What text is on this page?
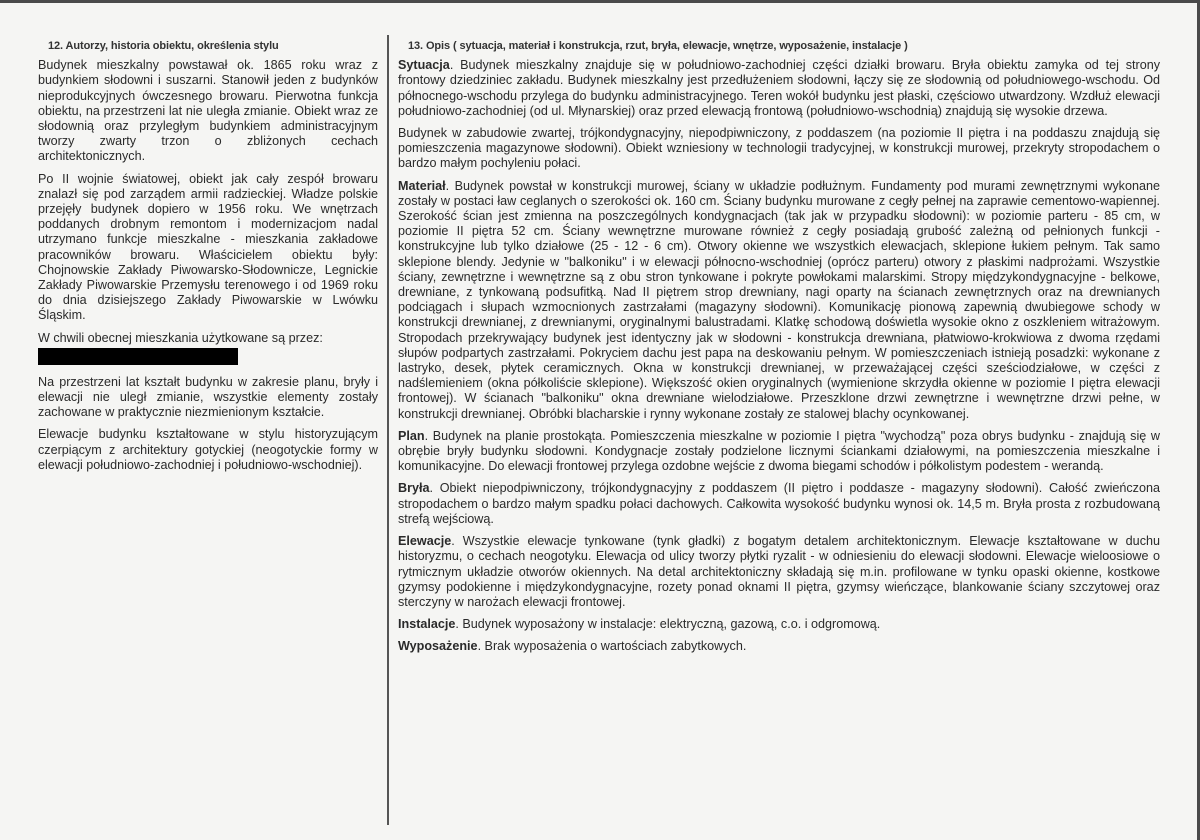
12. Autorzy, historia obiektu, określenia stylu

Budynek mieszkalny powstawał ok. 1865 roku wraz z budynkiem słodowni i suszarni. Stanowił jeden z budynków nieprodukcyjnych ówczesnego browaru. Pierwotna funkcja obiektu, na przestrzeni lat nie uległa zmianie. Obiekt wraz ze słodownią oraz przyległym budynkiem administracyjnym tworzy zwarty trzon o zbliżonych cechach architektonicznych.

Po II wojnie światowej, obiekt jak cały zespół browaru znalazł się pod zarządem armii radzieckiej. Władze polskie przejęły budynek dopiero w 1956 roku. We wnętrzach poddanych drobnym remontom i modernizacjom nadal utrzymano funkcje mieszkalne - mieszkania zakładowe pracowników browaru. Właścicielem obiektu były: Chojnowskie Zakłady Piwowarsko-Słodownicze, Legnickie Zakłady Piwowarskie Przemysłu terenowego i od 1969 roku do dnia dzisiejszego Zakłady Piwowarskie w Lwówku Śląskim.

W chwili obecnej mieszkania użytkowane są przez:

Na przestrzeni lat kształt budynku w zakresie planu, bryły i elewacji nie uległ zmianie, wszystkie elementy zostały zachowane w praktycznie niezmienionym kształcie.

Elewacje budynku kształtowane w stylu historyzującym czerpiącym z architektury gotyckiej (neogotyckie formy w elewacji południowo-zachodniej i południowo-wschodniej).

13. Opis ( sytuacja, materiał i konstrukcja, rzut, bryła, elewacje, wnętrze, wyposażenie, instalacje )

Sytuacja. Budynek mieszkalny znajduje się w południowo-zachodniej części działki browaru. Bryła obiektu zamyka od tej strony frontowy dziedziniec zakładu. Budynek mieszkalny jest przedłużeniem słodowni, łączy się ze słodownią od południowego-wschodu. Od północnego-wschodu przylega do budynku administracyjnego. Teren wokół budynku jest płaski, częściowo utwardzony. Wzdłuż elewacji południowo-zachodniej (od ul. Młynarskiej) oraz przed elewacją frontową (południowo-wschodnią) znajdują się wysokie drzewa.

Budynek w zabudowie zwartej, trójkondygnacyjny, niepodpiwniczony, z poddaszem (na poziomie II piętra i na poddaszu znajdują się pomieszczenia magazynowe słodowni). Obiekt wzniesiony w technologii tradycyjnej, w konstrukcji murowej, przekryty stropodachem o bardzo małym pochyleniu połaci.

Materiał. Budynek powstał w konstrukcji murowej, ściany w układzie podłużnym. Fundamenty pod murami zewnętrznymi wykonane zostały w postaci ław ceglanych o szerokości ok. 160 cm. Ściany budynku murowane z cegły pełnej na zaprawie cementowo-wapiennej. Szerokość ścian jest zmienna na poszczególnych kondygnacjach (tak jak w przypadku słodowni): w poziomie parteru - 85 cm, w poziomie II piętra 52 cm. Ściany wewnętrzne murowane również z cegły posiadają grubość zależną od pełnionych funkcji - konstrukcyjne lub tylko działowe (25 - 12 - 6 cm). Otwory okienne we wszystkich elewacjach, sklepione łukiem pełnym. Tak samo sklepione blendy. Jedynie w "balkoniku" i w elewacji północno-wschodniej (oprócz parteru) otwory z płaskimi nadprożami. Wszystkie ściany, zewnętrzne i wewnętrzne są z obu stron tynkowane i pokryte powłokami malarskimi. Stropy międzykondygnacyjne - belkowe, drewniane, z tynkowaną podsufitką. Nad II piętrem strop drewniany, nagi oparty na ścianach zewnętrznych oraz na drewnianych podciągach i słupach wzmocnionych zastrzałami (magazyny słodowni). Komunikację pionową zapewnią dwubiegowe schody w konstrukcji drewnianej, z drewnianymi, oryginalnymi balustradami. Klatkę schodową doświetla wysokie okno z oszkleniem witrażowym. Stropodach przekrywający budynek jest identyczny jak w słodowni - konstrukcja drewniana, płatwiowo-krokwiowa z dwoma rzędami słupów podpartych zastrzałami. Pokryciem dachu jest papa na deskowaniu pełnym. W pomieszczeniach istnieją posadzki: wykonane z lastryko, desek, płytek ceramicznych. Okna w konstrukcji drewnianej, w przeważającej części sześciodziałowe, w części z nadślemieniem (okna półkoliście sklepione). Większość okien oryginalnych (wymienione skrzydła okienne w poziomie I piętra elewacji frontowej). W ścianach "balkoniku" okna drewniane wielodziałowe. Przeszklone drzwi zewnętrzne i wewnętrzne drzwi pełne, w konstrukcji drewnianej. Obróbki blacharskie i rynny wykonane zostały ze stalowej blachy ocynkowanej.

Plan. Budynek na planie prostokąta. Pomieszczenia mieszkalne w poziomie I piętra "wychodzą" poza obrys budynku - znajdują się w obrębie bryły budynku słodowni. Kondygnacje zostały podzielone licznymi ściankami działowymi, na pomieszczenia mieszkalne i komunikacyjne. Do elewacji frontowej przylega ozdobne wejście z dwoma biegami schodów i półkolistym podestem - werandą.

Bryła. Obiekt niepodpiwniczony, trójkondygnacyjny z poddaszem (II piętro i poddasze - magazyny słodowni). Całość zwieńczona stropodachem o bardzo małym spadku połaci dachowych. Całkowita wysokość budynku wynosi ok. 14,5 m. Bryła prosta z rozbudowaną strefą wejściową.

Elewacje. Wszystkie elewacje tynkowane (tynk gładki) z bogatym detalem architektonicznym. Elewacje kształtowane w duchu historyzmu, o cechach neogotyku. Elewacja od ulicy tworzy płytki ryzalit - w odniesieniu do elewacji słodowni. Elewacje wieloosiowe o rytmicznym układzie otworów okiennych. Na detal architektoniczny składają się m.in. profilowane w tynku opaski okienne, kostkowe gzymsy podokienne i międzykondygnacyjne, rozety ponad oknami II piętra, gzymsy wieńczące, blankowanie ściany szczytowej oraz sterczyny w narożach elewacji frontowej.

Instalacje. Budynek wyposażony w instalacje: elektryczną, gazową, c.o. i odgromową.

Wyposażenie. Brak wyposażenia o wartościach zabytkowych.
